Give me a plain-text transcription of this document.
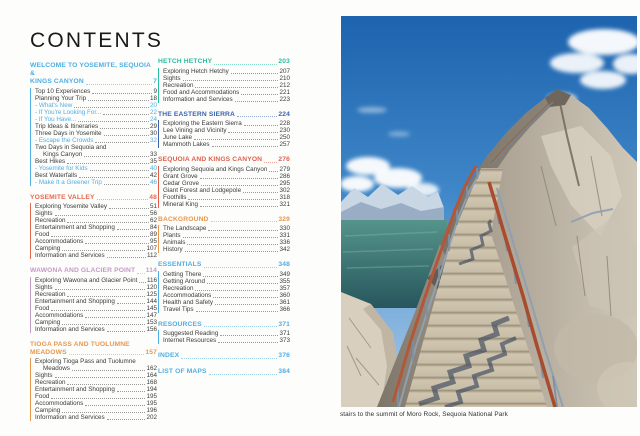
CONTENTS
WELCOME TO YOSEMITE, SEQUOIA &
KINGS CANYON	7
Top 10 Experiences	9
Planning Your Trip	18
- What's New	20
- If You're Looking For...	22
- If You Have...	24
Trip Ideas & Itineraries	29
Three Days in Yosemite	30
- Escape the Crowds	32
Two Days in Sequoia and
Kings Canyon	33
Best Hikes	35
- Yosemite for Kids	40
Best Waterfalls	42
- Make It a Greener Trip	46
YOSEMITE VALLEY	48
Exploring Yosemite Valley	51
Sights	56
Recreation	62
Entertainment and Shopping	84
Food	89
Accommodations	95
Camping	107
Information and Services	112
WAWONA AND GLACIER POINT 114
Exploring Wawona and Glacier Point 116
Sights	120
Recreation	125
Entertainment and Shopping	144
Food	145
Accommodations	147
Camping	153
Information and Services	156
TIOGA PASS AND TUOLUMNE
MEADOWS	157
Exploring Tioga Pass and Tuolumne
Meadows	162
Sights	164
Recreation	168
Entertainment and Shopping	194
Food	195
Accommodations	195
Camping	196
Information and Services	202
HETCH HETCHY	203
Exploring Hetch Hetchy	207
Sights	210
Recreation	212
Food and Accommodations	221
Information and Services	223
THE EASTERN SIERRA	224
Exploring the Eastern Sierra	228
Lee Vining and Vicinity	230
June Lake	250
Mammoth Lakes	257
SEQUOIA AND KINGS CANYON 276
Exploring Sequoia and Kings Canyon 279
Grant Grove	286
Cedar Grove	295
Giant Forest and Lodgepole	302
Foothills	318
Mineral King	321
BACKGROUND	329
The Landscape	330
Plants	331
Animals	336
History	342
ESSENTIALS	348
Getting There	349
Getting Around	355
Recreation	357
Accommodations	360
Health and Safety	361
Travel Tips	366
RESOURCES	371
Suggested Reading	371
Internet Resources	373
INDEX	376
LIST OF MAPS	384
stairs to the summit of Moro Rock, Sequoia National Park
